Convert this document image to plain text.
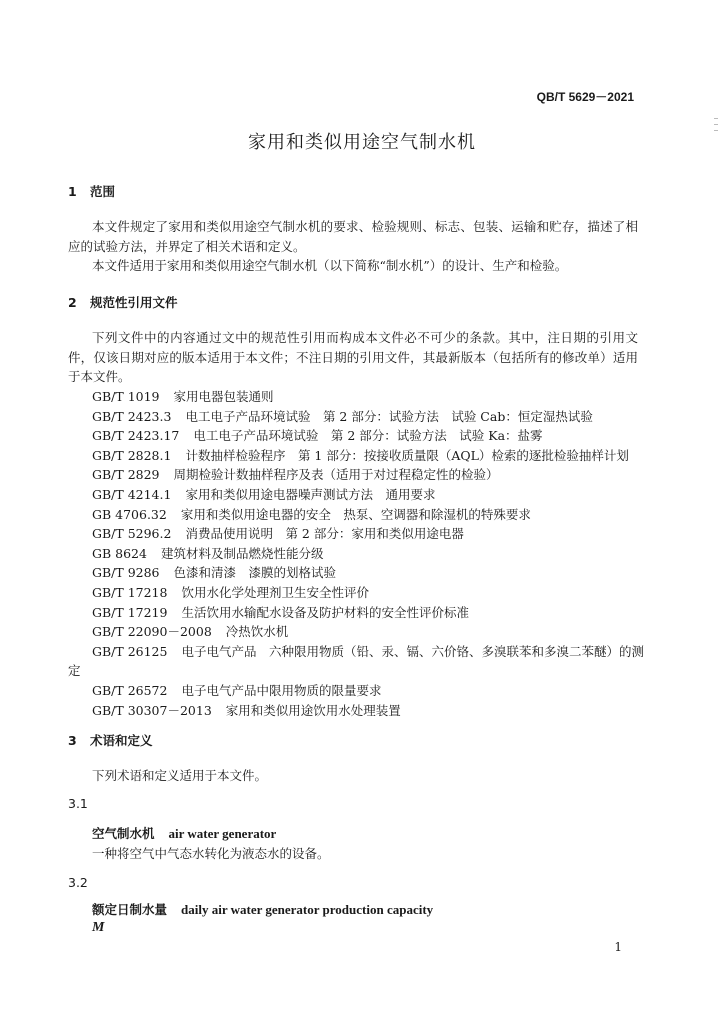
QB/T 5629－2021
家用和类似用途空气制水机
1 范围
本文件规定了家用和类似用途空气制水机的要求、检验规则、标志、包装、运输和贮存，描述了相应的试验方法，并界定了相关术语和定义。
本文件适用于家用和类似用途空气制水机（以下简称“制水机”）的设计、生产和检验。
2 规范性引用文件
下列文件中的内容通过文中的规范性引用而构成本文件必不可少的条款。其中，注日期的引用文件，仅该日期对应的版本适用于本文件；不注日期的引用文件，其最新版本（包括所有的修改单）适用于本文件。
GB/T 1019 家用电器包装通则
GB/T 2423.3 电工电子产品环境试验　第 2 部分：试验方法　试验 Cab：恒定湿热试验
GB/T 2423.17 电工电子产品环境试验　第 2 部分：试验方法　试验 Ka：盐雾
GB/T 2828.1 计数抽样检验程序　第 1 部分：按接收质量限（AQL）检索的逐批检验抽样计划
GB/T 2829 周期检验计数抽样程序及表（适用于对过程稳定性的检验）
GB/T 4214.1 家用和类似用途电器噪声测试方法　通用要求
GB 4706.32 家用和类似用途电器的安全　热泵、空调器和除湿机的特殊要求
GB/T 5296.2 消费品使用说明　第 2 部分：家用和类似用途电器
GB 8624 建筑材料及制品燃烧性能分级
GB/T 9286 色漆和清漆　漆膜的划格试验
GB/T 17218 饮用水化学处理剂卫生安全性评价
GB/T 17219 生活饮用水输配水设备及防护材料的安全性评价标准
GB/T 22090－2008 冷热饮水机
GB/T 26125 电子电气产品　六种限用物质（铅、汞、镉、六价铬、多溴联苯和多溴二苯醚）的测
GB/T 26572 电子电气产品中限用物质的限量要求
GB/T 30307－2013 家用和类似用途饮用水处理装置
定
3 术语和定义
下列术语和定义适用于本文件。
3.1
空气制水机 air water generator
一种将空气中气态水转化为液态水的设备。
3.2
额定日制水量 daily air water generator production capacity
M
1
